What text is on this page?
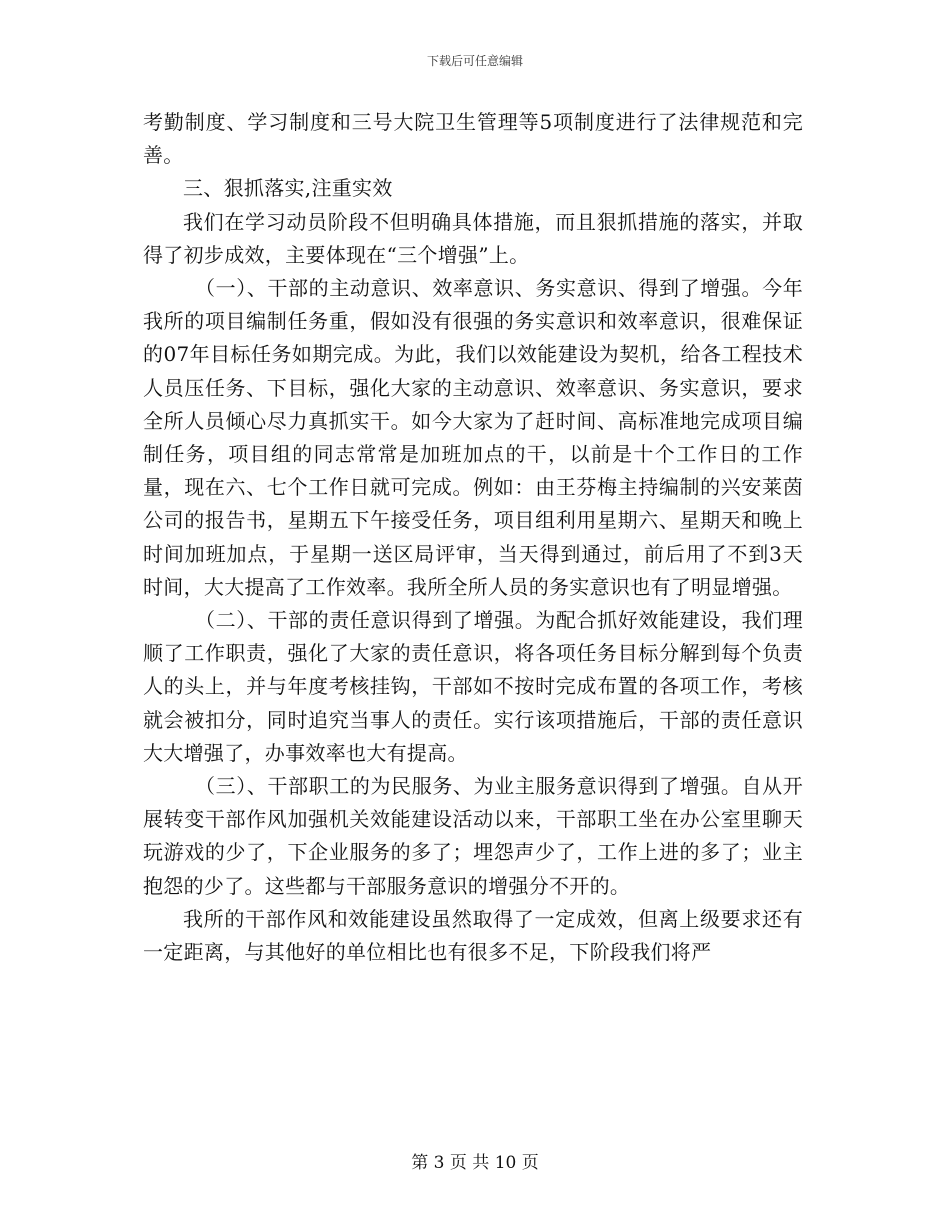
下载后可任意编辑

考勤制度、学习制度和三号大院卫生管理等5项制度进行了法律规范和完善。

三、狠抓落实,注重实效

我们在学习动员阶段不但明确具体措施，而且狠抓措施的落实，并取得了初步成效，主要体现在“三个增强”上。

（一）、干部的主动意识、效率意识、务实意识、得到了增强。今年我所的项目编制任务重，假如没有很强的务实意识和效率意识，很难保证的07年目标任务如期完成。为此，我们以效能建设为契机，给各工程技术人员压任务、下目标，强化大家的主动意识、效率意识、务实意识，要求全所人员倾心尽力真抓实干。如今大家为了赶时间、高标准地完成项目编制任务，项目组的同志常常是加班加点的干，以前是十个工作日的工作量，现在六、七个工作日就可完成。例如：由王芬梅主持编制的兴安莱茵公司的报告书，星期五下午接受任务，项目组利用星期六、星期天和晚上时间加班加点，于星期一送区局评审，当天得到通过，前后用了不到3天时间，大大提高了工作效率。我所全所人员的务实意识也有了明显增强。

（二）、干部的责任意识得到了增强。为配合抓好效能建设，我们理顺了工作职责，强化了大家的责任意识，将各项任务目标分解到每个负责人的头上，并与年度考核挂钩，干部如不按时完成布置的各项工作，考核就会被扣分，同时追究当事人的责任。实行该项措施后，干部的责任意识大大增强了，办事效率也大有提高。

（三）、干部职工的为民服务、为业主服务意识得到了增强。自从开展转变干部作风加强机关效能建设活动以来，干部职工坐在办公室里聊天玩游戏的少了，下企业服务的多了；埋怨声少了，工作上进的多了；业主抱怨的少了。这些都与干部服务意识的增强分不开的。

我所的干部作风和效能建设虽然取得了一定成效，但离上级要求还有一定距离，与其他好的单位相比也有很多不足，下阶段我们将严

第 3 页 共 10 页
